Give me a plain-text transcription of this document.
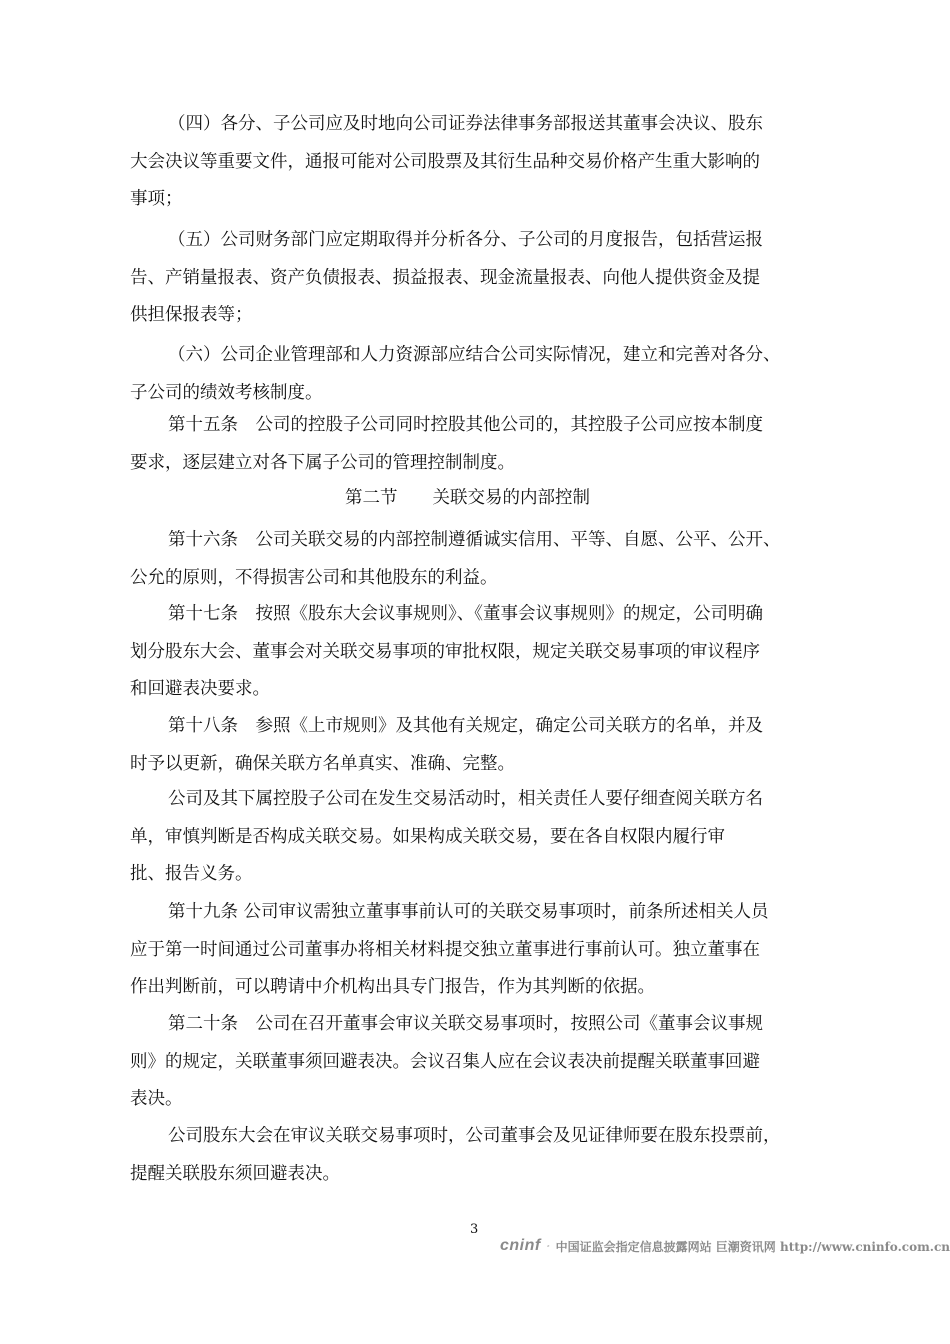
（四）各分、子公司应及时地向公司证券法律事务部报送其董事会决议、股东
大会决议等重要文件，通报可能对公司股票及其衍生品种交易价格产生重大影响的
事项；
（五）公司财务部门应定期取得并分析各分、子公司的月度报告，包括营运报
告、产销量报表、资产负债报表、损益报表、现金流量报表、向他人提供资金及提
供担保报表等；
（六）公司企业管理部和人力资源部应结合公司实际情况，建立和完善对各分、
子公司的绩效考核制度。
第十五条　公司的控股子公司同时控股其他公司的，其控股子公司应按本制度
要求，逐层建立对各下属子公司的管理控制制度。
第二节　　关联交易的内部控制
第十六条　公司关联交易的内部控制遵循诚实信用、平等、自愿、公平、公开、
公允的原则，不得损害公司和其他股东的利益。
第十七条　按照《股东大会议事规则》、《董事会议事规则》的规定，公司明确
划分股东大会、董事会对关联交易事项的审批权限，规定关联交易事项的审议程序
和回避表决要求。
第十八条　参照《上市规则》及其他有关规定，确定公司关联方的名单，并及
时予以更新，确保关联方名单真实、准确、完整。
公司及其下属控股子公司在发生交易活动时，相关责任人要仔细查阅关联方名
单，审慎判断是否构成关联交易。如果构成关联交易，要在各自权限内履行审
批、报告义务。
第十九条 公司审议需独立董事事前认可的关联交易事项时，前条所述相关人员
应于第一时间通过公司董事办将相关材料提交独立董事进行事前认可。独立董事在
作出判断前，可以聘请中介机构出具专门报告，作为其判断的依据。
第二十条　公司在召开董事会审议关联交易事项时，按照公司《董事会议事规
则》的规定，关联董事须回避表决。会议召集人应在会议表决前提醒关联董事回避
表决。
公司股东大会在审议关联交易事项时，公司董事会及见证律师要在股东投票前，
提醒关联股东须回避表决。
3
cninf 中国证监会指定信息披露网站 巨潮资讯网 http://www.cninfo.com.cn
